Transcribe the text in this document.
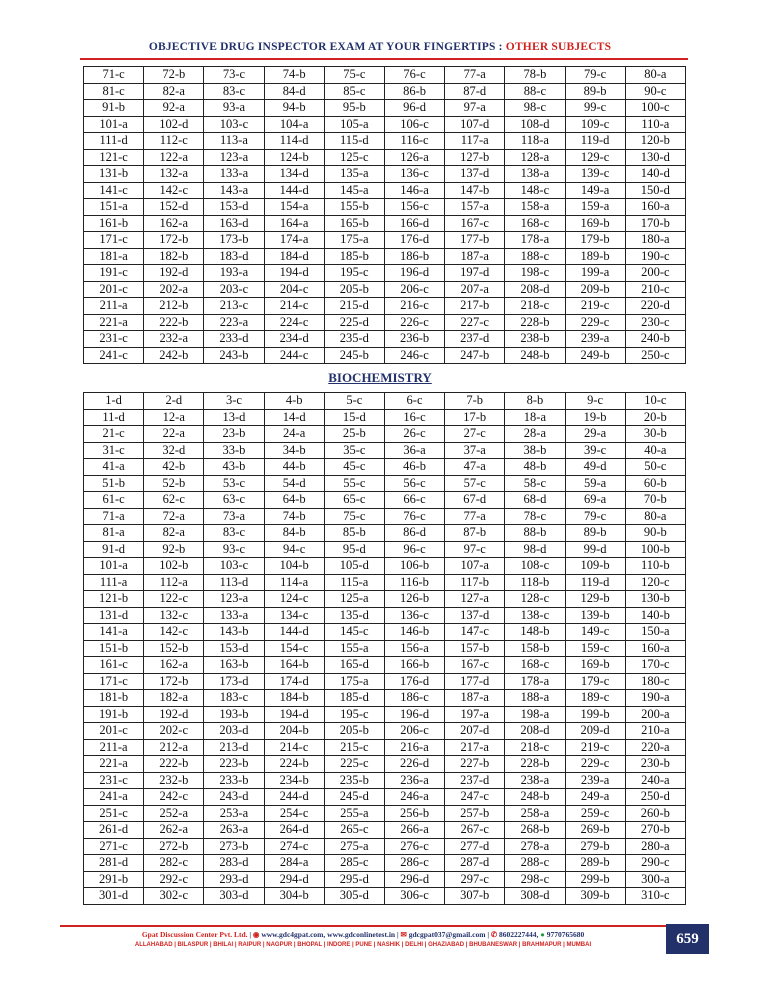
OBJECTIVE DRUG INSPECTOR EXAM AT YOUR FINGERTIPS : OTHER SUBJECTS
71-c	72-b	73-c	74-b	75-c	76-c	77-a	78-b	79-c	80-a
81-c	82-a	83-c	84-d	85-c	86-b	87-d	88-c	89-b	90-c
91-b	92-a	93-a	94-b	95-b	96-d	97-a	98-c	99-c	100-c
101-a	102-d	103-c	104-a	105-a	106-c	107-d	108-d	109-c	110-a
111-d	112-c	113-a	114-d	115-d	116-c	117-a	118-a	119-d	120-b
121-c	122-a	123-a	124-b	125-c	126-a	127-b	128-a	129-c	130-d
131-b	132-a	133-a	134-d	135-a	136-c	137-d	138-a	139-c	140-d
141-c	142-c	143-a	144-d	145-a	146-a	147-b	148-c	149-a	150-d
151-a	152-d	153-d	154-a	155-b	156-c	157-a	158-a	159-a	160-a
161-b	162-a	163-d	164-a	165-b	166-d	167-c	168-c	169-b	170-b
171-c	172-b	173-b	174-a	175-a	176-d	177-b	178-a	179-b	180-a
181-a	182-b	183-d	184-d	185-b	186-b	187-a	188-c	189-b	190-c
191-c	192-d	193-a	194-d	195-c	196-d	197-d	198-c	199-a	200-c
201-c	202-a	203-c	204-c	205-b	206-c	207-a	208-d	209-b	210-c
211-a	212-b	213-c	214-c	215-d	216-c	217-b	218-c	219-c	220-d
221-a	222-b	223-a	224-c	225-d	226-c	227-c	228-b	229-c	230-c
231-c	232-a	233-d	234-d	235-d	236-b	237-d	238-b	239-a	240-b
241-c	242-b	243-b	244-c	245-b	246-c	247-b	248-b	249-b	250-c
BIOCHEMISTRY
1-d	2-d	3-c	4-b	5-c	6-c	7-b	8-b	9-c	10-c
11-d	12-a	13-d	14-d	15-d	16-c	17-b	18-a	19-b	20-b
21-c	22-a	23-b	24-a	25-b	26-c	27-c	28-a	29-a	30-b
31-c	32-d	33-b	34-b	35-c	36-a	37-a	38-b	39-c	40-a
41-a	42-b	43-b	44-b	45-c	46-b	47-a	48-b	49-d	50-c
51-b	52-b	53-c	54-d	55-c	56-c	57-c	58-c	59-a	60-b
61-c	62-c	63-c	64-b	65-c	66-c	67-d	68-d	69-a	70-b
71-a	72-a	73-a	74-b	75-c	76-c	77-a	78-c	79-c	80-a
81-a	82-a	83-c	84-b	85-b	86-d	87-b	88-b	89-b	90-b
91-d	92-b	93-c	94-c	95-d	96-c	97-c	98-d	99-d	100-b
101-a	102-b	103-c	104-b	105-d	106-b	107-a	108-c	109-b	110-b
111-a	112-a	113-d	114-a	115-a	116-b	117-b	118-b	119-d	120-c
121-b	122-c	123-a	124-c	125-a	126-b	127-a	128-c	129-b	130-b
131-d	132-c	133-a	134-c	135-d	136-c	137-d	138-c	139-b	140-b
141-a	142-c	143-b	144-d	145-c	146-b	147-c	148-b	149-c	150-a
151-b	152-b	153-d	154-c	155-a	156-a	157-b	158-b	159-c	160-a
161-c	162-a	163-b	164-b	165-d	166-b	167-c	168-c	169-b	170-c
171-c	172-b	173-d	174-d	175-a	176-d	177-d	178-a	179-c	180-c
181-b	182-a	183-c	184-b	185-d	186-c	187-a	188-a	189-c	190-a
191-b	192-d	193-b	194-d	195-c	196-d	197-a	198-a	199-b	200-a
201-c	202-c	203-d	204-b	205-b	206-c	207-d	208-d	209-d	210-a
211-a	212-a	213-d	214-c	215-c	216-a	217-a	218-c	219-c	220-a
221-a	222-b	223-b	224-b	225-c	226-d	227-b	228-b	229-c	230-b
231-c	232-b	233-b	234-b	235-b	236-a	237-d	238-a	239-a	240-a
241-a	242-c	243-d	244-d	245-d	246-a	247-c	248-b	249-a	250-d
251-c	252-a	253-a	254-c	255-a	256-b	257-b	258-a	259-c	260-b
261-d	262-a	263-a	264-d	265-c	266-a	267-c	268-b	269-b	270-b
271-c	272-b	273-b	274-c	275-a	276-c	277-d	278-a	279-b	280-a
281-d	282-c	283-d	284-a	285-c	286-c	287-d	288-c	289-b	290-c
291-b	292-c	293-d	294-d	295-d	296-d	297-c	298-c	299-b	300-a
301-d	302-c	303-d	304-b	305-d	306-c	307-b	308-d	309-b	310-c
Gpat Discussion Center Pvt. Ltd. | ◉ www.gdc4gpat.com, www.gdconlinetest.in | ✉ gdcgpat037@gmail.com | ✆ 8602227444, ● 9770765680
ALLAHABAD | BILASPUR | BHILAI | RAIPUR | NAGPUR | BHOPAL | INDORE | PUNE | NASHIK | DELHI | GHAZIABAD | BHUBANESWAR | BRAHMAPUR | MUMBAI	659
